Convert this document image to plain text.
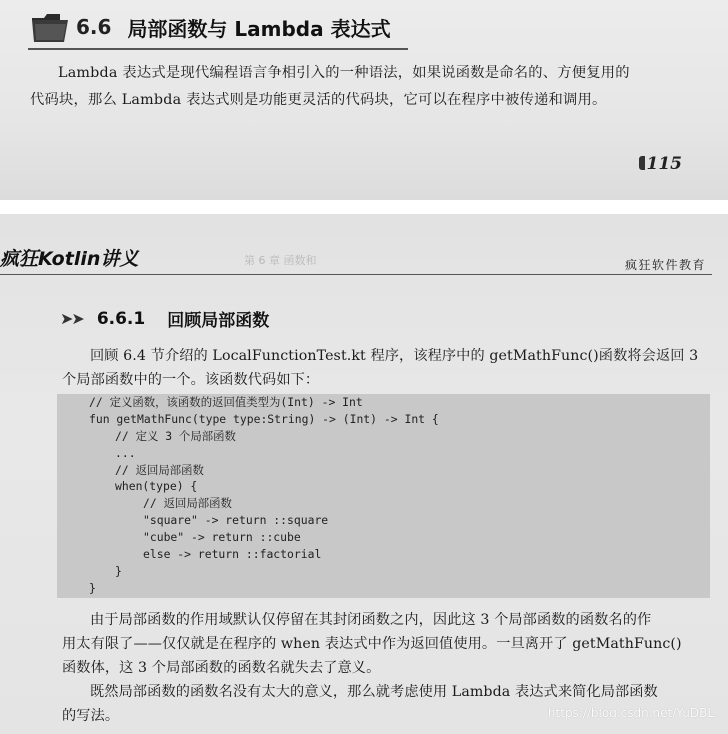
6.6 局部函数与 Lambda 表达式
Lambda 表达式是现代编程语言争相引入的一种语法，如果说函数是命名的、方便复用的
代码块，那么 Lambda 表达式则是功能更灵活的代码块，它可以在程序中被传递和调用。
115
疯狂Kotlin讲义	第 6 章 函数和	疯狂软件教育
➤➤ 6.6.1 回顾局部函数
回顾 6.4 节介绍的 LocalFunctionTest.kt 程序，该程序中的 getMathFunc()函数将会返回 3
个局部函数中的一个。该函数代码如下：
// 定义函数，该函数的返回值类型为(Int) -> Int
fun getMathFunc(type type:String) -> (Int) -> Int {
// 定义 3 个局部函数
...
// 返回局部函数
when(type) {
// 返回局部函数
"square" -> return ::square
"cube" -> return ::cube
else -> return ::factorial
}
}
由于局部函数的作用域默认仅停留在其封闭函数之内，因此这 3 个局部函数的函数名的作
用太有限了——仅仅就是在程序的 when 表达式中作为返回值使用。一旦离开了 getMathFunc()
函数体，这 3 个局部函数的函数名就失去了意义。
既然局部函数的函数名没有太大的意义，那么就考虑使用 Lambda 表达式来简化局部函数
的写法。	https://blog.csdn.net/YuDBL
